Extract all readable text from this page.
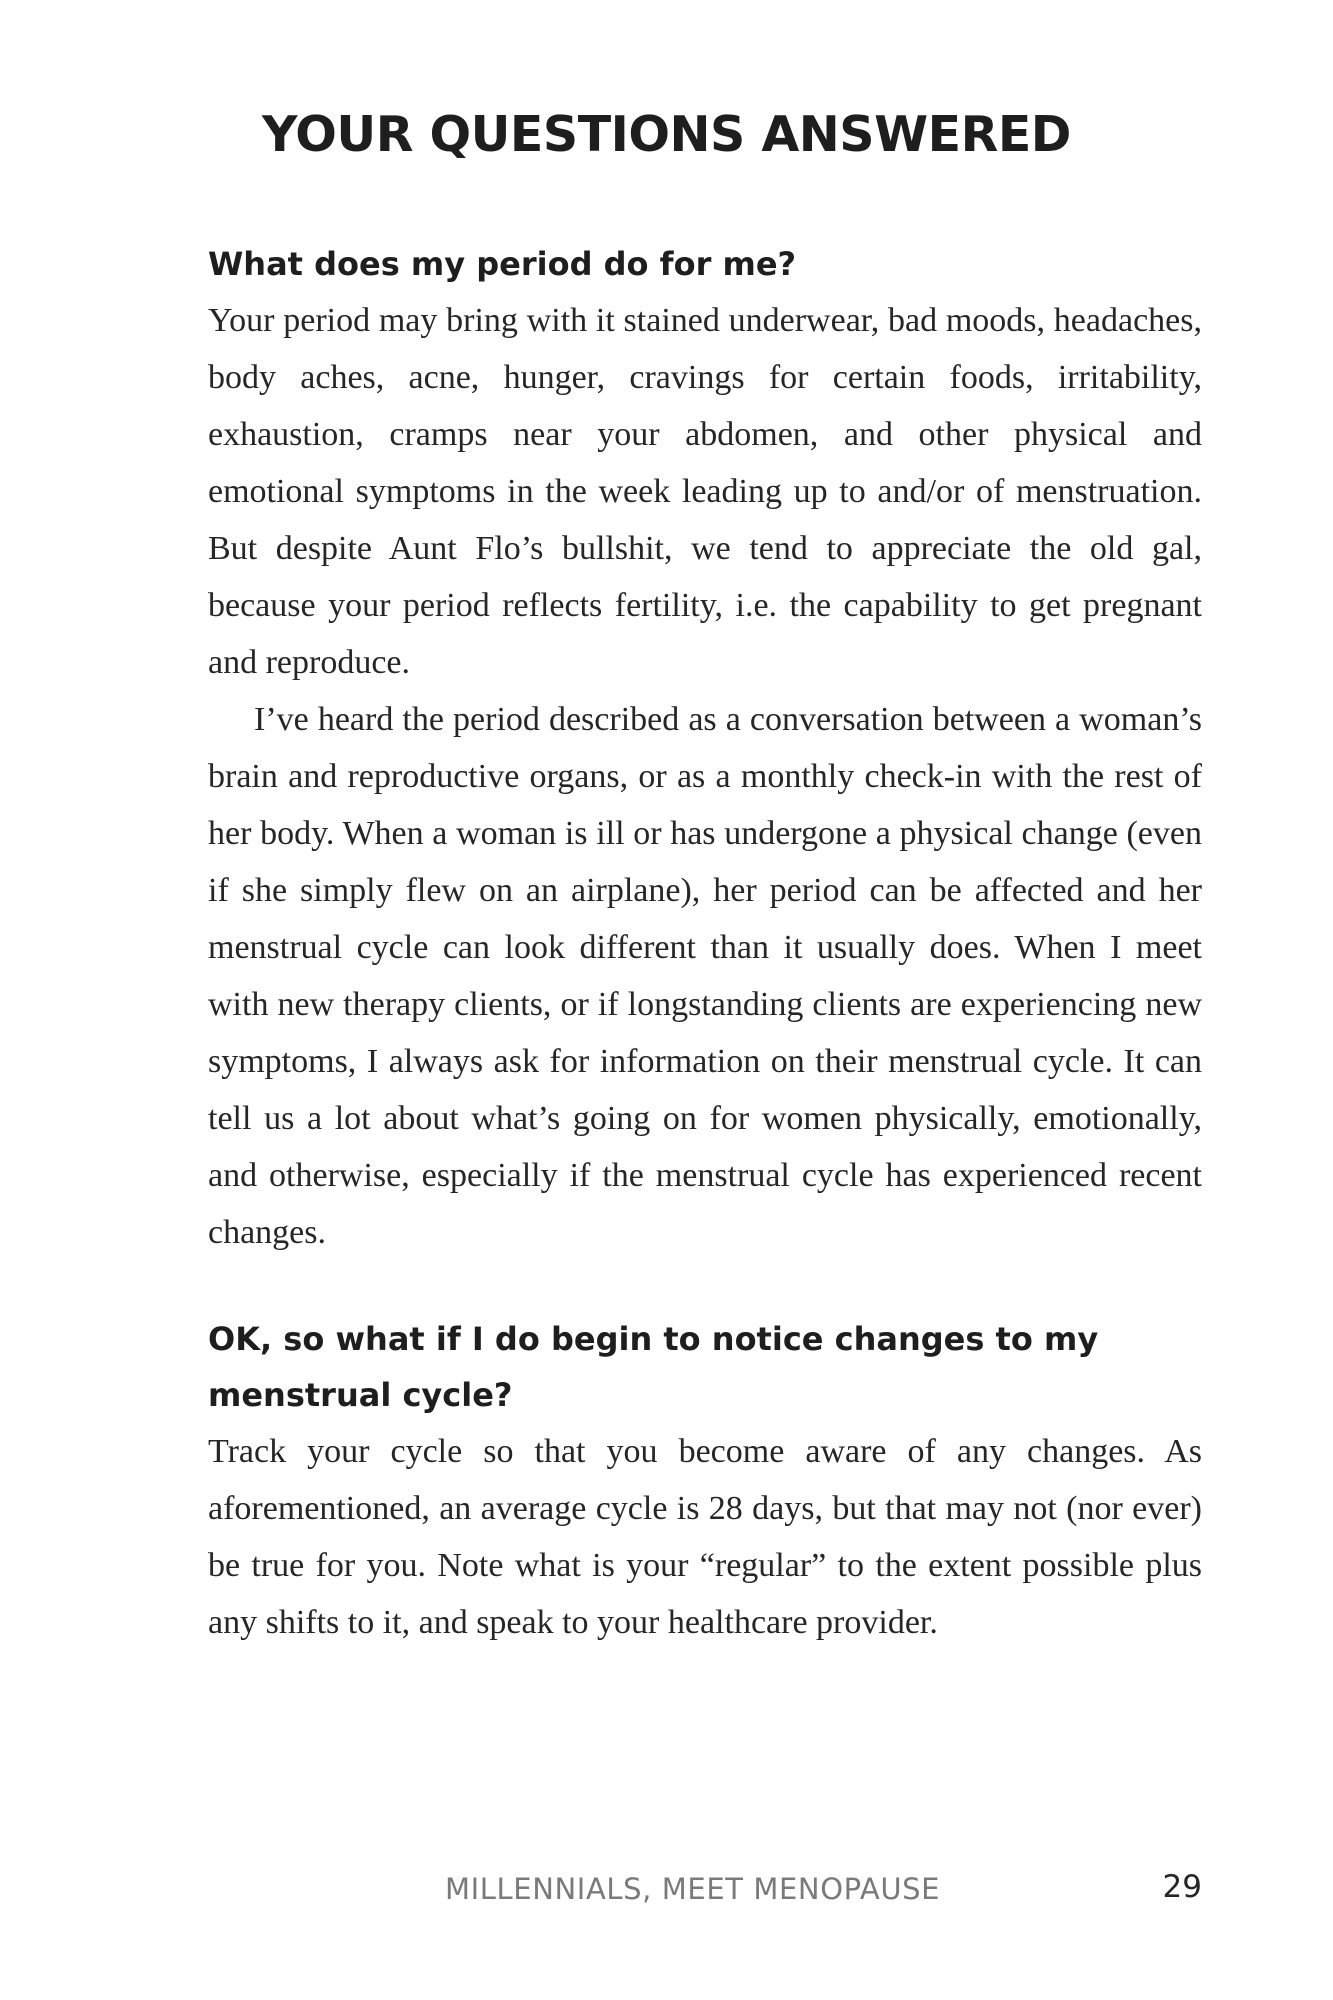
YOUR QUESTIONS ANSWERED
What does my period do for me?

Your period may bring with it stained underwear, bad moods, headaches, body aches, acne, hunger, cravings for certain foods, irritability, exhaustion, cramps near your abdomen, and other physical and emotional symptoms in the week leading up to and/or of menstruation. But despite Aunt Flo’s bullshit, we tend to appreciate the old gal, because your period reflects fertility, i.e. the capability to get pregnant and reproduce.

I’ve heard the period described as a conversation between a woman’s brain and reproductive organs, or as a monthly check-in with the rest of her body. When a woman is ill or has undergone a physical change (even if she simply flew on an airplane), her period can be affected and her menstrual cycle can look different than it usually does. When I meet with new therapy clients, or if longstanding clients are experiencing new symptoms, I always ask for information on their menstrual cycle. It can tell us a lot about what’s going on for women physically, emotionally, and otherwise, especially if the menstrual cycle has experienced recent changes.

OK, so what if I do begin to notice changes to my menstrual cycle?

Track your cycle so that you become aware of any changes. As aforementioned, an average cycle is 28 days, but that may not (nor ever) be true for you. Note what is your “regular” to the extent possible plus any shifts to it, and speak to your healthcare provider.

MILLENNIALS, MEET MENOPAUSE	29
